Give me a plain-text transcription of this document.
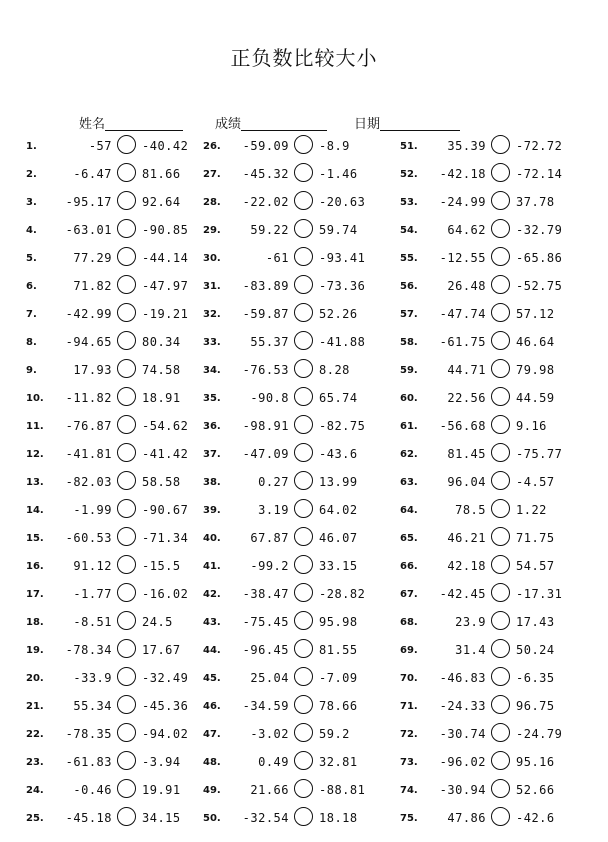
正负数比较大小
姓名	成绩	日期
1.	-57	-40.42
2.	-6.47	81.66
3. -95.17	92.64
4. -63.01	-90.85
5.	77.29	-44.14
6.	71.82	-47.97
7. -42.99	-19.21
8. -94.65	80.34
9.	17.93	74.58
10. -11.82	18.91
11. -76.87	-54.62
12. -41.81	-41.42
13. -82.03	58.58
14. -1.99	-90.67
15. -60.53	-71.34
16. 91.12	-15.5
17. -1.77	-16.02
18. -8.51	24.5
19. -78.34	17.67
20. -33.9	-32.49
21. 55.34	-45.36
22. -78.35	-94.02
23. -61.83	-3.94
24. -0.46	19.91
25. -45.18	34.15
26. -59.09	-8.9
27. -45.32	-1.46
28. -22.02	-20.63
29. 59.22	59.74
30.	-61	-93.41
31. -83.89	-73.36
32. -59.87	52.26
33. 55.37	-41.88
34. -76.53	8.28
35. -90.8	65.74
36. -98.91	-82.75
37. -47.09	-43.6
38.	0.27	13.99
39.	3.19	64.02
40. 67.87	46.07
41. -99.2	33.15
42. -38.47	-28.82
43. -75.45	95.98
44. -96.45	81.55
45. 25.04	-7.09
46. -34.59	78.66
47. -3.02	59.2
48.	0.49	32.81
49. 21.66	-88.81
50. -32.54	18.18
51. 35.39	-72.72
52. -42.18	-72.14
53. -24.99	37.78
54. 64.62	-32.79
55. -12.55	-65.86
56. 26.48	-52.75
57. -47.74	57.12
58. -61.75	46.64
59. 44.71	79.98
60. 22.56	44.59
61. -56.68	9.16
62. 81.45	-75.77
63. 96.04	-4.57
64.	78.5	1.22
65. 46.21	71.75
66. 42.18	54.57
67. -42.45	-17.31
68.	23.9	17.43
69.	31.4	50.24
70. -46.83	-6.35
71. -24.33	96.75
72. -30.74	-24.79
73. -96.02	95.16
74. -30.94	52.66
75. 47.86	-42.6
